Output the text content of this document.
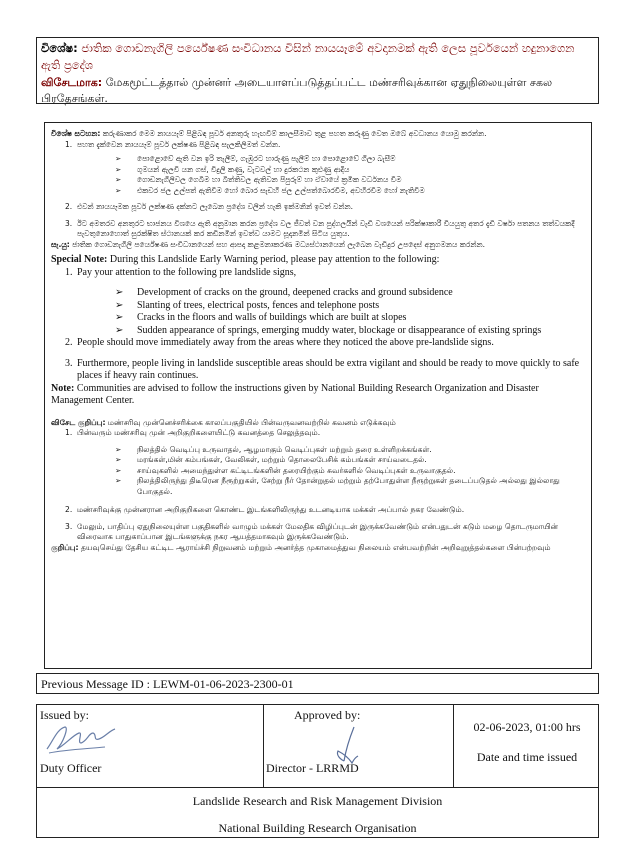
විශේෂ: ජාතික ගොඩනැගිලි පර්යේෂණ සංවිධානය විසින් නායයෑමේ අවදානමක් ඇති ලෙස පූර්වයෙන් හදුනාගෙන ඇති ප්‍රදේශ
விசேடமாக: மேகமூட்டத்தால் முன்னர் அடையாளப்படுத்தப்பட்ட மண்சரிவுக்கான ஏதுநிலையுள்ள சகல பிரதேசங்கள்.
විශේෂ සටහන: කරුණාකර මෙම නායයෑම් පිළිබඳ පූර්ව අනතුරු හැඟවීම් කාලසීමාව තුළ පහත කරුණු වෙත ඔබේ අවධානය යොමු කරන්න.
1. පහත දැක්වෙන නායයෑම් පූර්ව ලක්ෂණ පිළිබඳ සැලකිලිමත් වන්න.
➢ පොළොවේ ඇති වන ඉරි තැලීම්, ගැඹුරට හාරුණු පැලීම් හා පොළොවේ ගිලා බැසීම්
➢ ගුමයන් ඇලවී යන ගස්, විදුලි කණු, වැටවල් හා දුරකථන කුළුණු ආදිය
➢ ගොඩනැගිලිවල ගෙබිම හා බිත්තිවල ඇතිවන පිපුරුම් හා ඒවායේ ක්‍රමික වර්ධනය වීම
➢ එකවර ජල උල්පත් ඇතිවීම හෝ බොර සැඩහි ජල උල්පත්බොරවීම, අවහිරවීම හෝ නැතිවීම
2. එවන් නායයෑමක පූර්ව ලක්ෂණ දක්නට ලැබෙන ප්‍රදේශ වලින් හැකි ඉක්මනින් ඉවත් වන්න.
3. ඊට අමතරව අනතුරට භාජනය විශයෙ ඇති අනුමාන කරන ප්‍රදේශ වල ජීවත් වන පුද්ගලයින් වැඩි වශයෙන් පරික්ෂාකාරී වියයුතු අතර දැඩි වර්ෂා පතනය තත්වයකදී පැවතුනොහොත් සුරක්ෂිත ස්ථානයක් කර කඩිනමින් ඉවත්ව යාමට සූදානමින් සිටිය යුතුය.
සැ.යු: ජාතික ගොඩනැගිලි පර්යේෂණ සංවිධානයෙන් සහ ආපදා කළමනාකරණ මධ්‍යස්ථානයෙන් ලැබෙන වැඩිදුර උපදෙස් අනුගමනය කරන්න.
Special Note: During this Landslide Early Warning period, please pay attention to the following:
1. Pay your attention to the following pre landslide signs,
➢ Development of cracks on the ground, deepened cracks and ground subsidence
➢ Slanting of trees, electrical posts, fences and telephone posts
➢ Cracks in the floors and walls of buildings which are built at slopes
➢ Sudden appearance of springs, emerging muddy water, blockage or disappearance of existing springs
2. People should move immediately away from the areas where they noticed the above pre-landslide signs.
3. Furthermore, people living in landslide susceptible areas should be extra vigilant and should be ready to move quickly to safe places if heavy rain continues.
Note: Communities are advised to follow the instructions given by National Building Research Organization and Disaster Management Center.
விசேட குறிப்பு: மண்சரிவு முன்னெச்சரிக்கை காலப்பகுதியில் பின்வருவனவற்றில் கவனம் எடுக்கவும்
1. பின்வரும் மண்சரிவு முன் அறிகுறிகளையிட்டு கவனத்தை செலுத்தவும்.
➢ நிலத்தில் வெடிப்பு உருவாதல், ஆழமாகும் வெடிப்புகள் மற்றும் தரை உள்ளிறக்கங்கள்.
➢ மரங்கள்,மின் கம்பங்கள், வேலிகள், மற்றும் தொலைபேசிக் கம்பங்கள் சாய்வடைதல்.
➢ சாய்வுகளில் அமைந்துள்ள கட்டிடங்களின் தரையிற்கும் சுவர்களில் வெடிப்புகள் உருவாகுதல்.
➢ நிலத்திலிருந்து திடீரென நீரூற்றுகள், சேற்று நீர் தோன்றுதல் மற்றும் தற்போதுள்ள நீரூற்றுகள் தடைப்படுதல் அல்லது இல்லாது போகுதல்.
2. மண்சரிவுக்கு முன்னரான அறிகுறிகளை கொண்ட இடங்களிலிருந்து உடனடியாக மக்கள் அப்பால் நகர வேண்டும்.
3. மேலும், பாதிப்பு ஏதுநிலையுள்ள பகுதிகளில் வாழும் மக்கள் மேலதிக விழிப்புடன் இருக்கவேண்டும் என்பதுடன் கடும் மழை தொடருமாயின் விரைவாக பாதுகாப்பான இடங்களுக்கு நகர ஆயத்தமாகவும் இருக்கவேண்டும்.
குறிப்பு: தயவுசெய்து தேசிய கட்டிட ஆராய்ச்சி நிறுவனம் மற்றும் அனர்த்த முகாமைத்துவ நிலையம் என்பவற்றின் அறிவுறுத்தல்களை பின்பற்றவும்
Previous Message ID : LEWM-01-06-2023-2300-01
Issued by:
Duty Officer
Approved by:
Director - LRRMD
02-06-2023, 01:00 hrs
Date and time issued
Landslide Research and Risk Management Division
National Building Research Organisation
